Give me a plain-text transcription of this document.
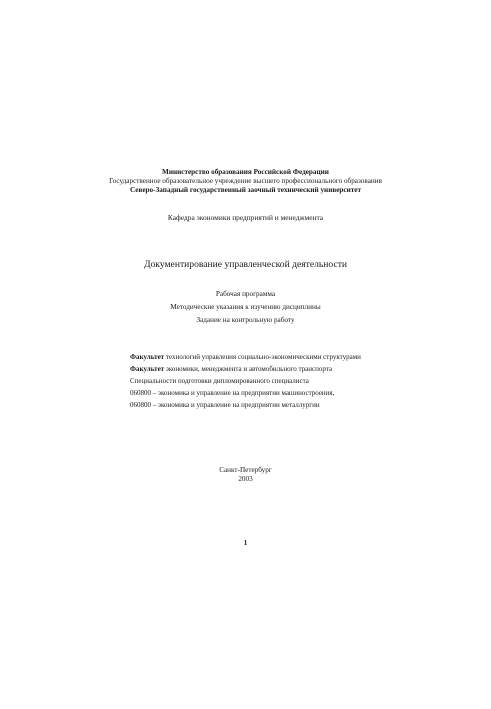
Министерство образования Российской Федерации
Государственное образовательное учреждение высшего профессионального образования
Северо-Западный государственный заочный технический университет
Кафедра экономики предприятий и менеджмента
Документирование управленческой деятельности
Рабочая программа
Методические указания к изучению дисциплины
Задание на контрольную работу
Факультет технологий управления социально-экономическими структурами
Факультет экономики, менеджмента и автомобильного транспорта
Специальности подготовки дипломированного специалиста
060800 – экономика и управление на предприятии машиностроения,
060800 – экономика и управление на предприятии металлургии
Санкт-Петербург
2003
1
